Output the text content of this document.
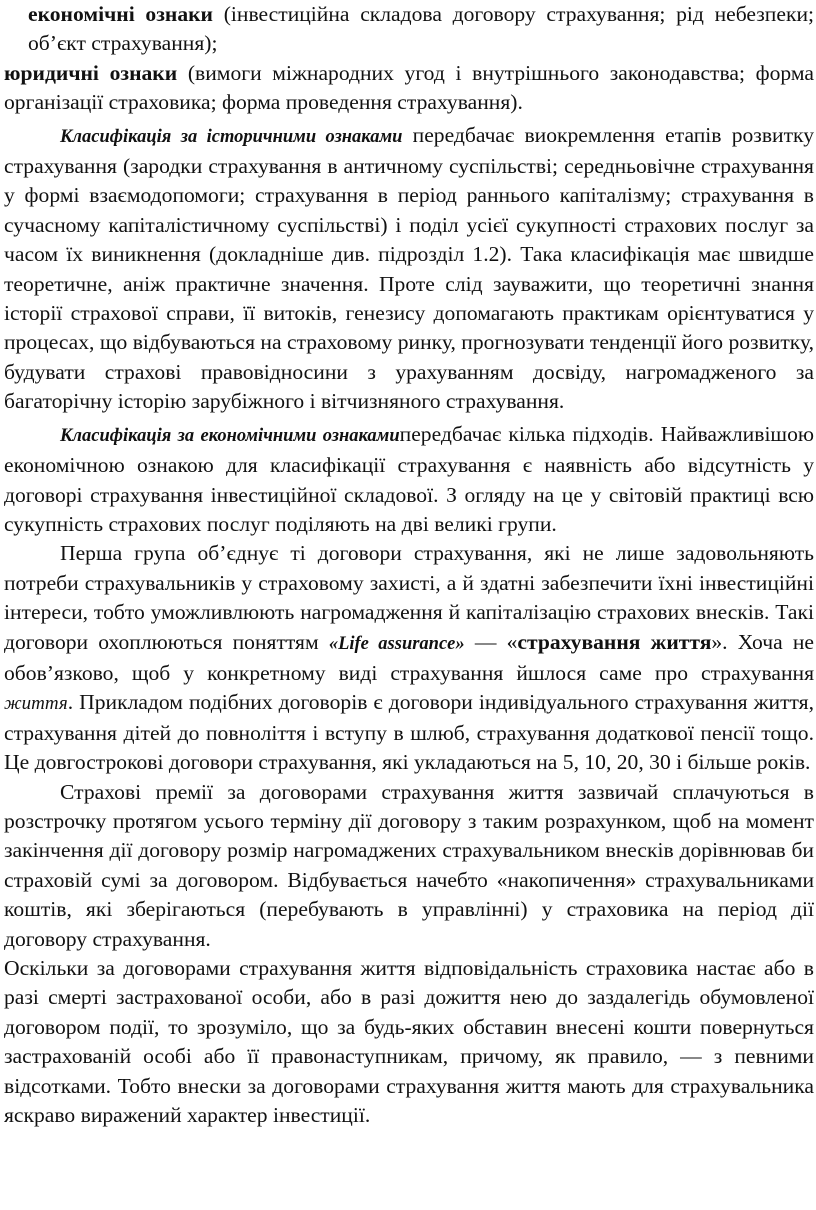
економічні ознаки (інвестиційна складова договору страхування; рід небезпеки; об’єкт страхування);

юридичні ознаки (вимоги міжнародних угод і внутрішнього законодавства; форма організації страховика; форма проведення страхування).

Класифікація за історичними ознаками передбачає виокремлення етапів розвитку страхування (зародки страхування в античному суспільстві; середньовічне страхування у формі взаємодопомоги; страхування в період раннього капіталізму; страхування в сучасному капіталістичному суспільстві) і поділ усієї сукупності страхових послуг за часом їх виникнення (докладніше див. підрозділ 1.2). Така класифікація має швидше теоретичне, аніж практичне значення. Проте слід зауважити, що теоретичні знання історії страхової справи, її витоків, генезису допомагають практикам орієнтуватися у процесах, що відбуваються на страховому ринку, прогнозувати тенденції його розвитку, будувати страхові правовідносини з урахуванням досвіду, нагромадженого за багаторічну історію зарубіжного і вітчизняного страхування.

Класифікація за економічними ознакамипередбачає кілька підходів. Найважливішою економічною ознакою для класифікації страхування є наявність або відсутність у договорі страхування інвестиційної складової. З огляду на це у світовій практиці всю сукупність страхових послуг поділяють на дві великі групи.

Перша група об’єднує ті договори страхування, які не лише задовольняють потреби страхувальників у страховому захисті, а й здатні забезпечити їхні інвестиційні інтереси, тобто уможливлюють нагромадження й капіталізацію страхових внесків. Такі договори охоплюються поняттям «Life assurance» — «страхування життя». Хоча не обов’язково, щоб у конкретному виді страхування йшлося саме про страхування життя. Прикладом подібних договорів є договори індивідуального страхування життя, страхування дітей до повноліття і вступу в шлюб, страхування додаткової пенсії тощо. Це довгострокові договори страхування, які укладаються на 5, 10, 20, 30 і більше років.

Страхові премії за договорами страхування життя зазвичай сплачуються в розстрочку протягом усього терміну дії договору з таким розрахунком, щоб на момент закінчення дії договору розмір нагромаджених страхувальником внесків дорівнював би страховій сумі за договором. Відбувається начебто «накопичення» страхувальниками коштів, які зберігаються (перебувають в управлінні) у страховика на період дії договору страхування.

Оскільки за договорами страхування життя відповідальність страховика настає або в разі смерті застрахованої особи, або в разі дожиття нею до заздалегідь обумовленої договором події, то зрозуміло, що за будь-яких обставин внесені кошти повернуться застрахованій особі або її правонаступникам, причому, як правило, — з певними відсотками. Тобто внески за договорами страхування життя мають для страхувальника яскраво виражений характер інвестиції.
